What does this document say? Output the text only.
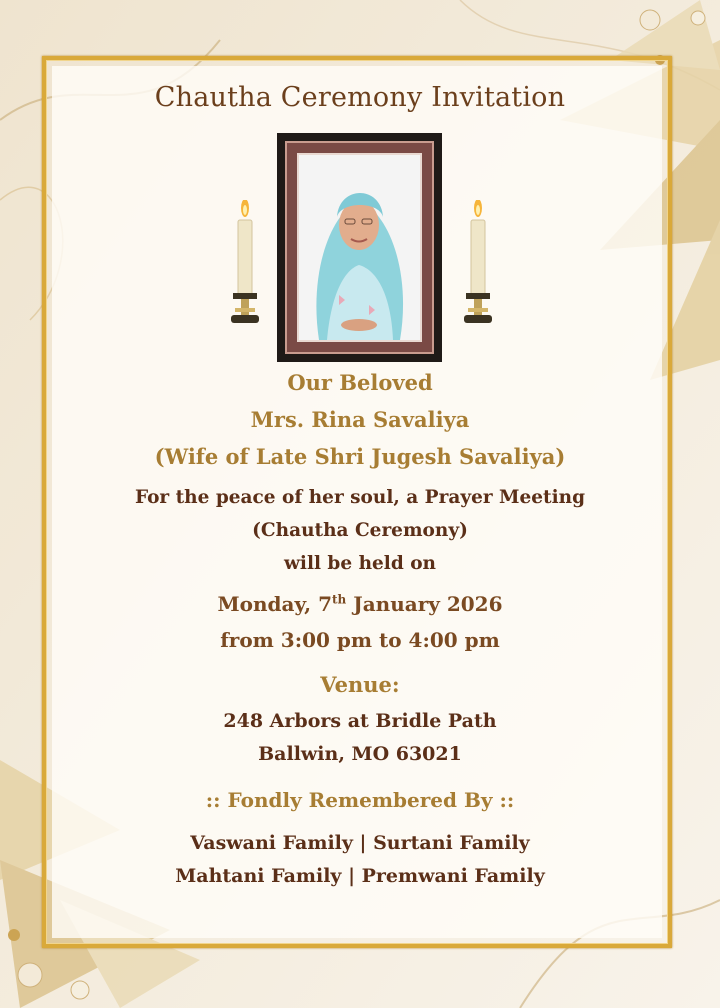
Chautha Ceremony Invitation
Our Beloved
Mrs. Rina Savaliya
(Wife of Late Shri Jugesh Savaliya)
For the peace of her soul, a Prayer Meeting
(Chautha Ceremony)
will be held on
Monday, 7th January 2026
from 3:00 pm to 4:00 pm
Venue:
248 Arbors at Bridle Path
Ballwin, MO 63021
:: Fondly Remembered By ::
Vaswani Family | Surtani Family
Mahtani Family | Premwani Family
